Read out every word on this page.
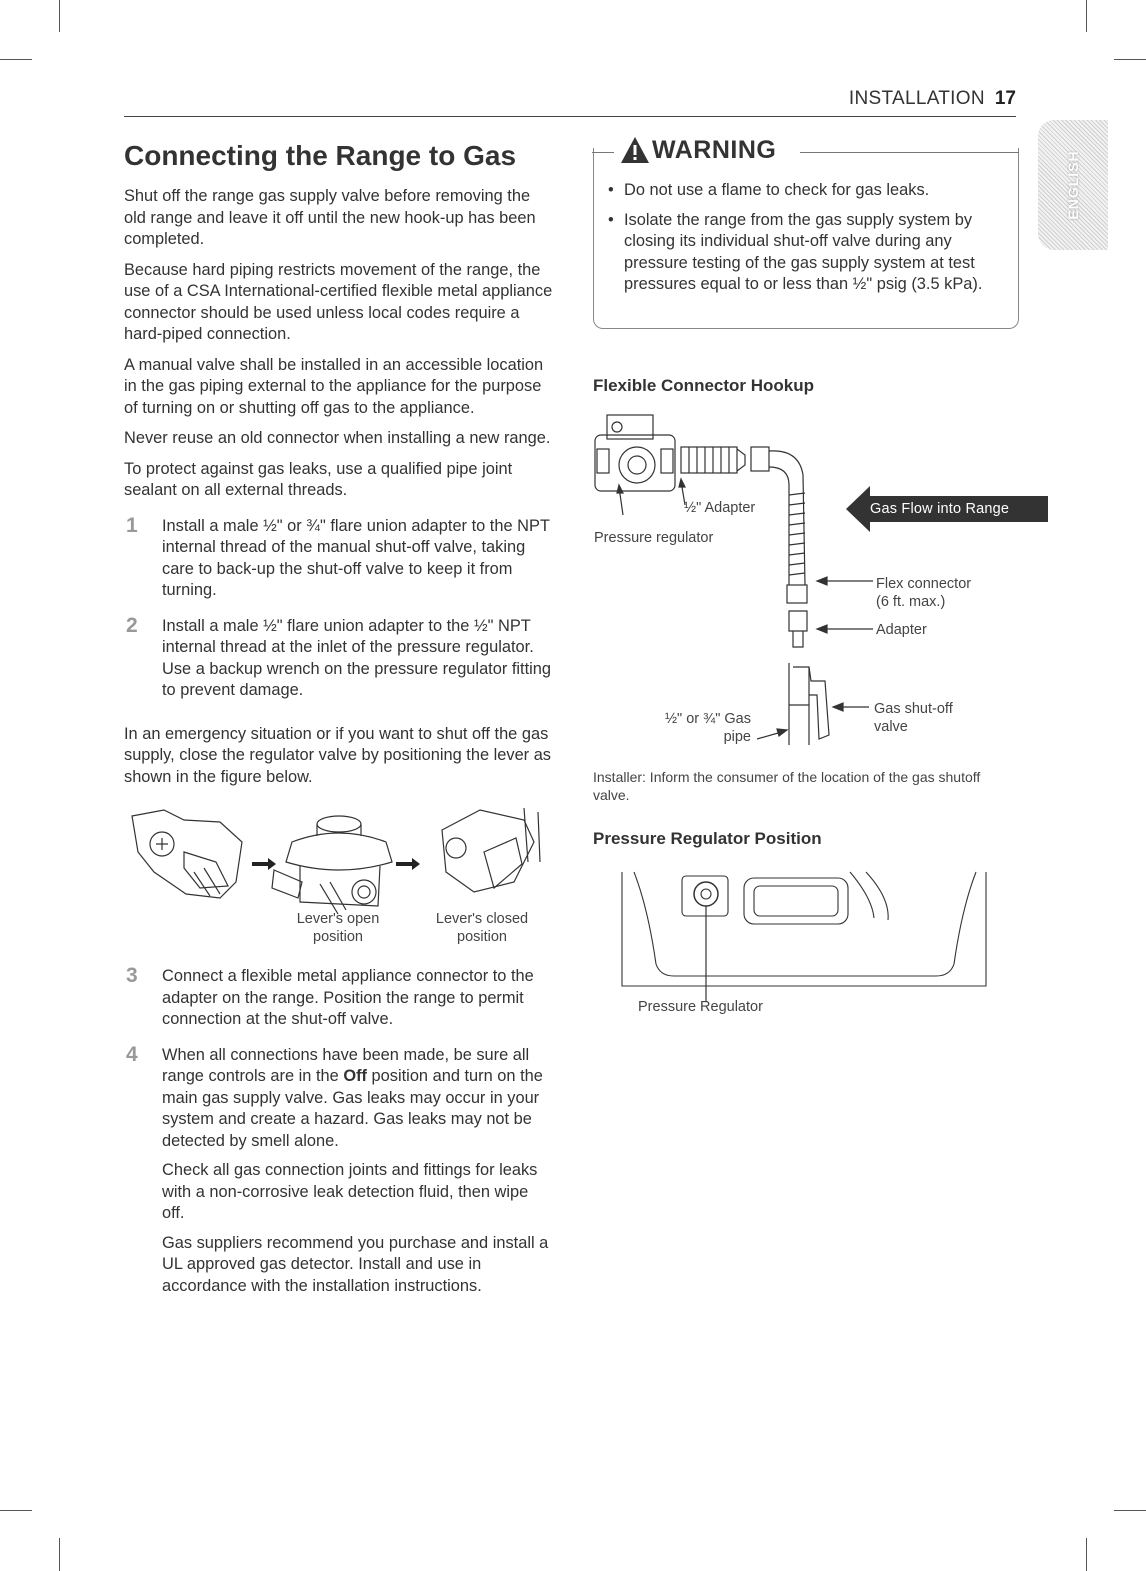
INSTALLATION 17
ENGLISH
Connecting the Range to Gas

Shut off the range gas supply valve before removing the old range and leave it off until the new hook-up has been completed.

Because hard piping restricts movement of the range, the use of a CSA International-certified flexible metal appliance connector should be used unless local codes require a hard-piped connection.

A manual valve shall be installed in an accessible location in the gas piping external to the appliance for the purpose of turning on or shutting off gas to the appliance.

Never reuse an old connector when installing a new range.

To protect against gas leaks, use a qualified pipe joint sealant on all external threads.

1 Install a male ½" or ¾" flare union adapter to the NPT internal thread of the manual shut-off valve, taking care to back-up the shut-off valve to keep it from turning.

2 Install a male ½" flare union adapter to the ½" NPT internal thread at the inlet of the pressure regulator. Use a backup wrench on the pressure regulator fitting to prevent damage.

In an emergency situation or if you want to shut off the gas supply, close the regulator valve by positioning the lever as shown in the figure below.

Lever's open
position
Lever's closed
position
3 Connect a flexible metal appliance connector to the adapter on the range. Position the range to permit connection at the shut-off valve.

4 When all connections have been made, be sure all range controls are in the Off position and turn on the main gas supply valve. Gas leaks may occur in your system and create a hazard. Gas leaks may not be detected by smell alone.

Check all gas connection joints and fittings for leaks with a non-corrosive leak detection fluid, then wipe off.

Gas suppliers recommend you purchase and install a UL approved gas detector. Install and use in accordance with the installation instructions.

WARNING
• Do not use a flame to check for gas leaks.
• Isolate the range from the gas supply system by closing its individual shut-off valve during any pressure testing of the gas supply system at test pressures equal to or less than ½" psig (3.5 kPa).
Flexible Connector Hookup
½" Adapter
Pressure regulator
Gas Flow into Range
Flex connector
(6 ft. max.)
Adapter
½" or ¾" Gas
pipe
Gas shut-off
valve
Installer: Inform the consumer of the location of the gas shutoff valve.
Pressure Regulator Position
Pressure Regulator
